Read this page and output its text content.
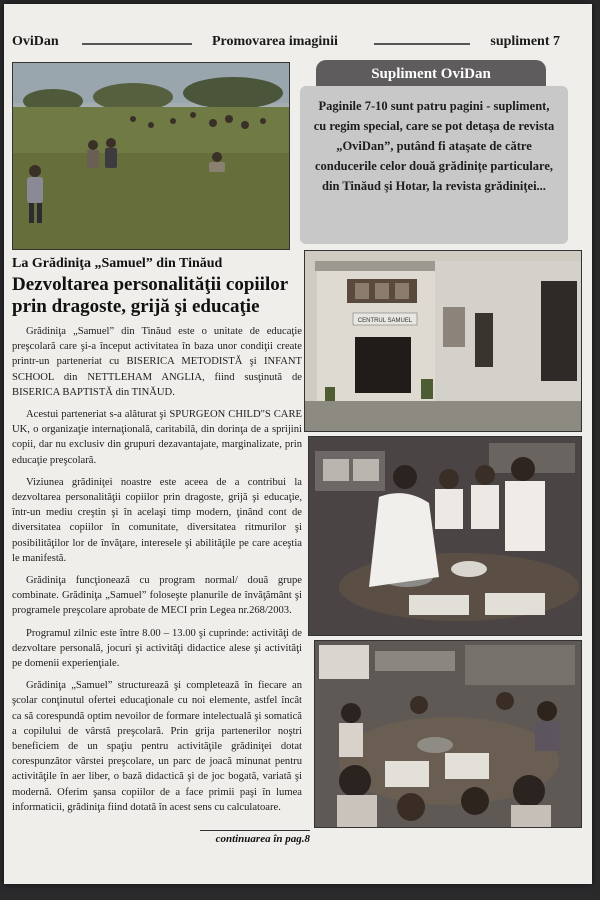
OviDan	Promovarea imaginii	supliment 7
Supliment OviDan
Paginile 7-10 sunt patru pagini - supliment, cu regim special, care se pot detaşa de revista „OviDan”, putând fi ataşate de către conducerile celor două grădiniţe particulare, din Tinăud şi Hotar, la revista grădiniţei...

La Grădiniţa „Samuel” din Tinăud

Dezvoltarea personalităţii copiilor prin dragoste, grijă şi educaţie

Grădiniţa „Samuel” din Tinăud este o unitate de educaţie preşcolară care şi-a început activitatea în baza unor condiţii create printr-un parteneriat cu BISERICA METODISTĂ şi INFANT SCHOOL din NETTLEHAM ANGLIA, fiind susţinută de BISERICA BAPTISTĂ din TINĂUD.

Acestui parteneriat s-a alăturat şi SPURGEON CHILD"S CARE UK, o organizaţie internaţională, caritabilă, din dorinţa de a sprijini copii, dar nu exclusiv din grupuri dezavantajate, marginalizate, prin educaţie preşcolară.

Viziunea grădiniţei noastre este aceea de a contribui la dezvoltarea personalităţii copiilor prin dragoste, grijă şi educaţie, într-un mediu creştin şi în acelaşi timp modern, ţinând cont de diversitatea copiilor în comunitate, diversitatea ritmurilor şi posibilităţilor lor de învăţare, interesele şi abilităţile pe care aceştia le manifestă.

Grădiniţa funcţionează cu program normal/ două grupe combinate. Grădiniţa „Samuel” foloseşte planurile de învăţământ şi programele preşcolare aprobate de MECI prin Legea nr.268/2003.

Programul zilnic este între 8.00 – 13.00 şi cuprinde: activităţi de dezvoltare personală, jocuri şi activităţi didactice alese şi activităţi pe domenii experienţiale.

Grădiniţa „Samuel” structurează şi completează în fiecare an şcolar conţinutul ofertei educaţionale cu noi elemente, astfel încât ca să corespundă optim nevoilor de formare intelectuală şi somatică a copilului de vârstă preşcolară. Prin grija partenerilor noştri beneficiem de un spaţiu pentru activităţile grădiniţei dotat corespunzător vârstei preşcolare, un parc de joacă minunat pentru activităţile în aer liber, o bază didactică şi de joc bogată, variată şi modernă. Oferim şansa copiilor de a face primii paşi în lumea informaticii, grădiniţa fiind dotată în acest sens cu calculatoare.

continuarea în pag.8
CENTRUL SAMUEL
